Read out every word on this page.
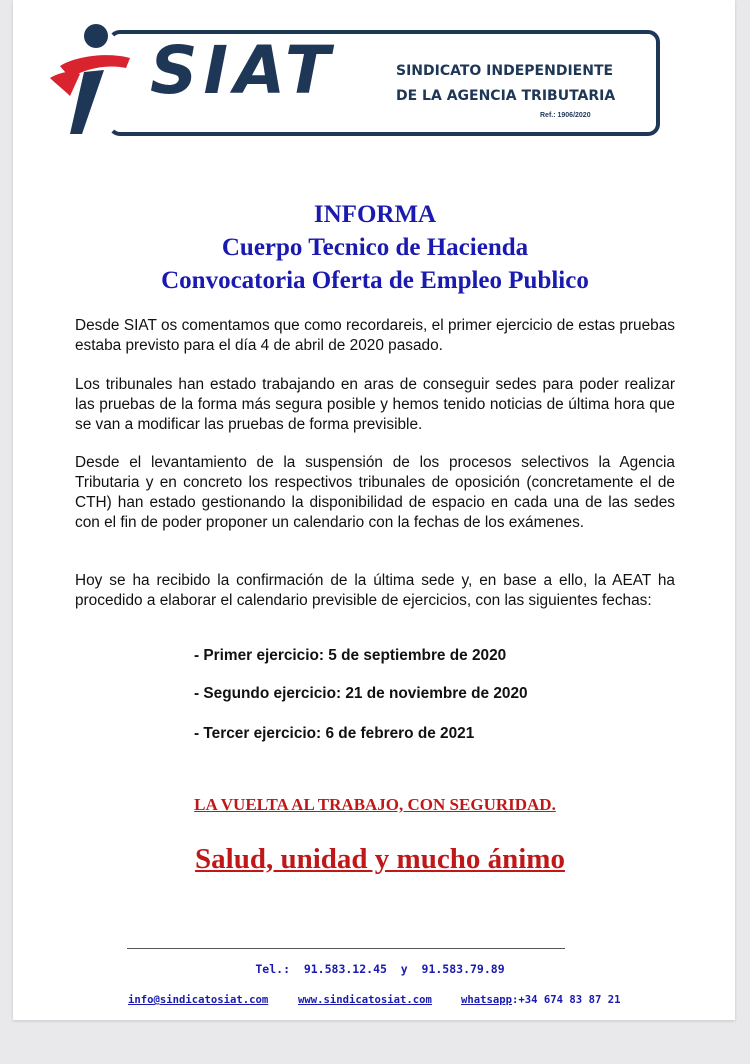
SIAT	SINDICATO INDEPENDIENTE
DE LA AGENCIA TRIBUTARIA
Ref.: 1906/2020
INFORMA
Cuerpo Tecnico de Hacienda
Convocatoria Oferta de Empleo Publico

Desde SIAT os comentamos que como recordareis, el primer ejercicio de estas pruebas estaba previsto para el día 4 de abril de 2020 pasado.

Los tribunales han estado trabajando en aras de conseguir sedes para poder realizar las pruebas de la forma más segura posible y hemos tenido noticias de última hora que se van a modificar las pruebas de forma previsible.

Desde el levantamiento de la suspensión de los procesos selectivos la Agencia Tributaria y en concreto los respectivos tribunales de oposición (concretamente el de CTH) han estado gestionando la disponibilidad de espacio en cada una de las sedes con el fin de poder proponer un calendario con la fechas de los exámenes.

Hoy se ha recibido la confirmación de la última sede y, en base a ello, la AEAT ha procedido a elaborar el calendario previsible de ejercicios, con las siguientes fechas:

- Primer ejercicio: 5 de septiembre de 2020
- Segundo ejercicio: 21 de noviembre de 2020
- Tercer ejercicio: 6 de febrero de 2021
LA VUELTA AL TRABAJO, CON SEGURIDAD.
Salud, unidad y mucho ánimo
Tel.:  91.583.12.45  y  91.583.79.89
info@sindicatosiat.com	www.sindicatosiat.com	whatsapp:+34 674 83 87 21
